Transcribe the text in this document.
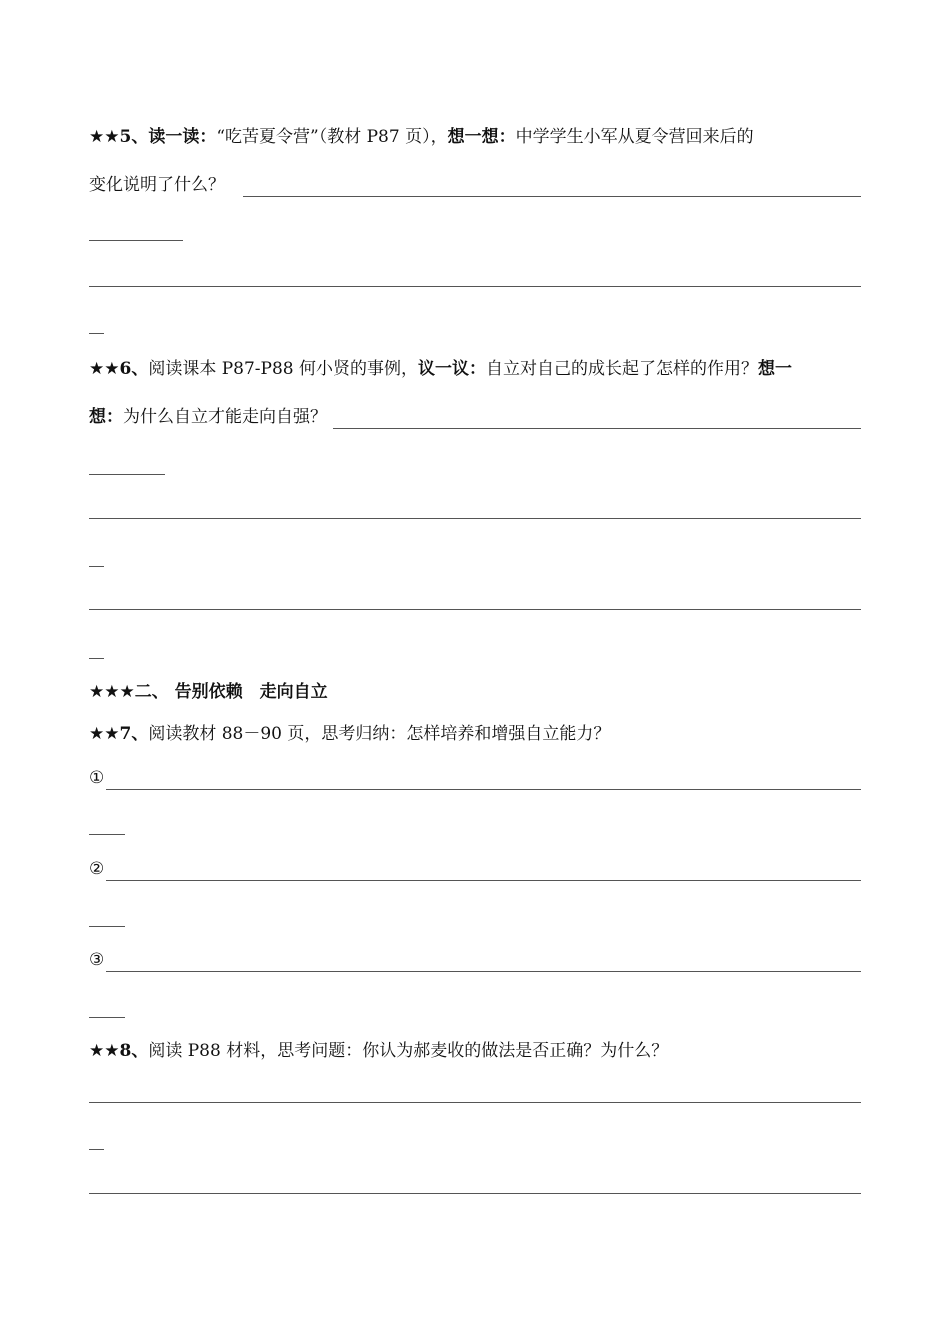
★★5、读一读：“吃苦夏令营”（教材 P87 页），想一想：中学学生小军从夏令营回来后的
变化说明了什么？
★★6、阅读课本 P87-P88 何小贤的事例，议一议：自立对自己的成长起了怎样的作用？想一
想： 为什么自立才能走向自强？
★★★二、 告别依赖　走向自立
★★7、阅读教材 88－90 页，思考归纳：怎样培养和增强自立能力？
①
②
③
★★8、阅读 P88 材料，思考问题：你认为郝麦收的做法是否正确？为什么？
